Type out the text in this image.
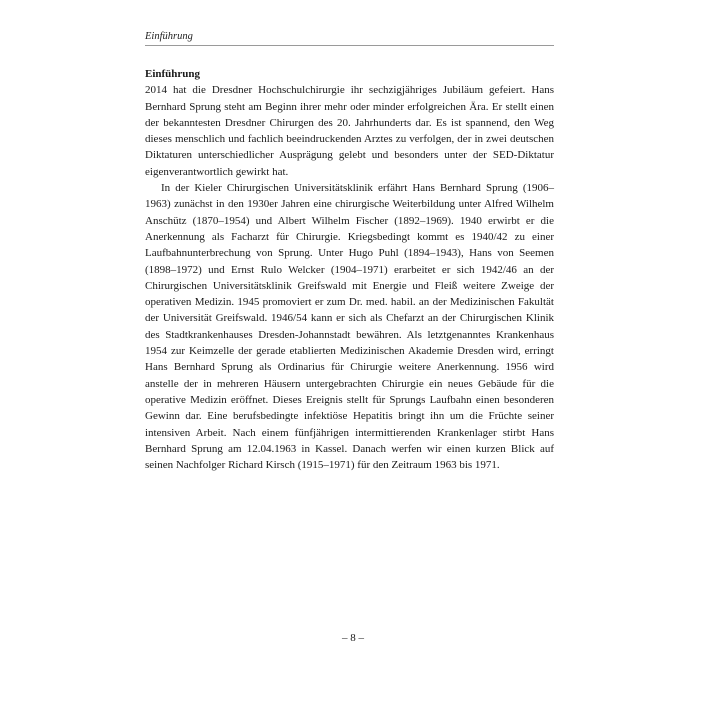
Einführung

Einführung

2014 hat die Dresdner Hochschulchirurgie ihr sechzigjähriges Jubiläum gefeiert. Hans Bernhard Sprung steht am Beginn ihrer mehr oder minder erfolgreichen Ära. Er stellt einen der bekanntesten Dresdner Chirurgen des 20. Jahrhunderts dar. Es ist spannend, den Weg dieses menschlich und fachlich beeindruckenden Arztes zu verfolgen, der in zwei deutschen Diktaturen unterschiedlicher Ausprägung gelebt und besonders unter der SED-Diktatur eigenverantwortlich gewirkt hat.

In der Kieler Chirurgischen Universitätsklinik erfährt Hans Bernhard Sprung (1906–1963) zunächst in den 1930er Jahren eine chirurgische Weiterbildung unter Alfred Wilhelm Anschütz (1870–1954) und Albert Wilhelm Fischer (1892–1969). 1940 erwirbt er die Anerkennung als Facharzt für Chirurgie. Kriegsbedingt kommt es 1940/42 zu einer Laufbahnunterbrechung von Sprung. Unter Hugo Puhl (1894–1943), Hans von Seemen (1898–1972) und Ernst Rulo Welcker (1904–1971) erarbeitet er sich 1942/46 an der Chirurgischen Universitätsklinik Greifswald mit Energie und Fleiß weitere Zweige der operativen Medizin. 1945 promoviert er zum Dr. med. habil. an der Medizinischen Fakultät der Universität Greifswald. 1946/54 kann er sich als Chefarzt an der Chirurgischen Klinik des Stadtkrankenhauses Dresden-Johannstadt bewähren. Als letztgenanntes Krankenhaus 1954 zur Keimzelle der gerade etablierten Medizinischen Akademie Dresden wird, erringt Hans Bernhard Sprung als Ordinarius für Chirurgie weitere Anerkennung. 1956 wird anstelle der in mehreren Häusern untergebrachten Chirurgie ein neues Gebäude für die operative Medizin eröffnet. Dieses Ereignis stellt für Sprungs Laufbahn einen besonderen Gewinn dar. Eine berufsbedingte infektiöse Hepatitis bringt ihn um die Früchte seiner intensiven Arbeit. Nach einem fünfjährigen intermittierenden Krankenlager stirbt Hans Bernhard Sprung am 12.04.1963 in Kassel. Danach werfen wir einen kurzen Blick auf seinen Nachfolger Richard Kirsch (1915–1971) für den Zeitraum 1963 bis 1971.

– 8 –
